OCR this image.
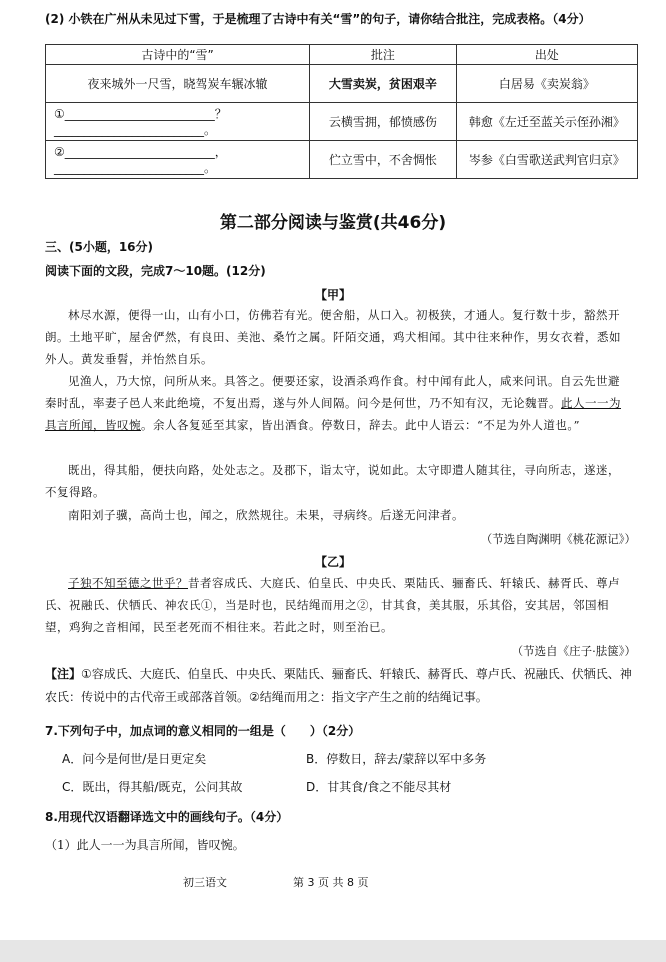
(2) 小铁在广州从未见过下雪，于是梳理了古诗中有关“雪”的句子，请你结合批注，完成表格。（4分）
古诗中的“雪”	批注	出处
夜来城外一尺雪，晓驾炭车辗冰辙	大雪卖炭，贫困艰辛	白居易《卖炭翁》

①_________________________？
_________________________。	云横雪拥，郁愤感伤	韩愈《左迁至蓝关示侄孙湘》

②_________________________，
_________________________。	伫立雪中，不舍惆怅	岑参《白雪歌送武判官归京》
第二部分阅读与鉴赏(共46分)
三、(5小题，16分)
阅读下面的文段，完成7～10题。(12分)
【甲】
林尽水源，便得一山，山有小口，仿佛若有光。便舍船，从口入。初极狭，才通人。复行数十步，豁然开朗。土地平旷，屋舍俨然，有良田、美池、桑竹之属。阡陌交通，鸡犬相闻。其中往来种作，男女衣着，悉如外人。黄发垂髫，并怡然自乐。
见渔人，乃大惊，问所从来。具答之。便要还家，设酒杀鸡作食。村中闻有此人，咸来问讯。自云先世避秦时乱，率妻子邑人来此绝境，不复出焉，遂与外人间隔。问今是何世，乃不知有汉，无论魏晋。此人一一为具言所闻，皆叹惋。余人各复延至其家，皆出酒食。停数日，辞去。此中人语云：“不足为外人道也。”
既出，得其船，便扶向路，处处志之。及郡下，诣太守，说如此。太守即遣人随其往，寻向所志，遂迷，不复得路。
南阳刘子骥，高尚士也，闻之，欣然规往。未果，寻病终。后遂无问津者。
（节选自陶渊明《桃花源记》）
【乙】
子独不知至德之世乎？昔者容成氏、大庭氏、伯皇氏、中央氏、栗陆氏、骊畜氏、轩辕氏、赫胥氏、尊卢氏、祝融氏、伏牺氏、神农氏①，当是时也，民结绳而用之②，甘其食，美其服，乐其俗，安其居，邻国相望，鸡狗之音相闻，民至老死而不相往来。若此之时，则至治已。
（节选自《庄子·胠箧》）
【注】①容成氏、大庭氏、伯皇氏、中央氏、栗陆氏、骊畜氏、轩辕氏、赫胥氏、尊卢氏、祝融氏、伏牺氏、神农氏：传说中的古代帝王或部落首领。②结绳而用之：指文字产生之前的结绳记事。
7.下列句子中，加点词的意义相同的一组是（　　）（2分）
A．问今是何世/是日更定矣	B．停数日，辞去/蒙辞以军中多务
C．既出，得其船/既克，公问其故	D．甘其食/食之不能尽其材
8.用现代汉语翻译选文中的画线句子。（4分）
（1）此人一一为具言所闻，皆叹惋。
初三语文	第 3 页 共 8 页
